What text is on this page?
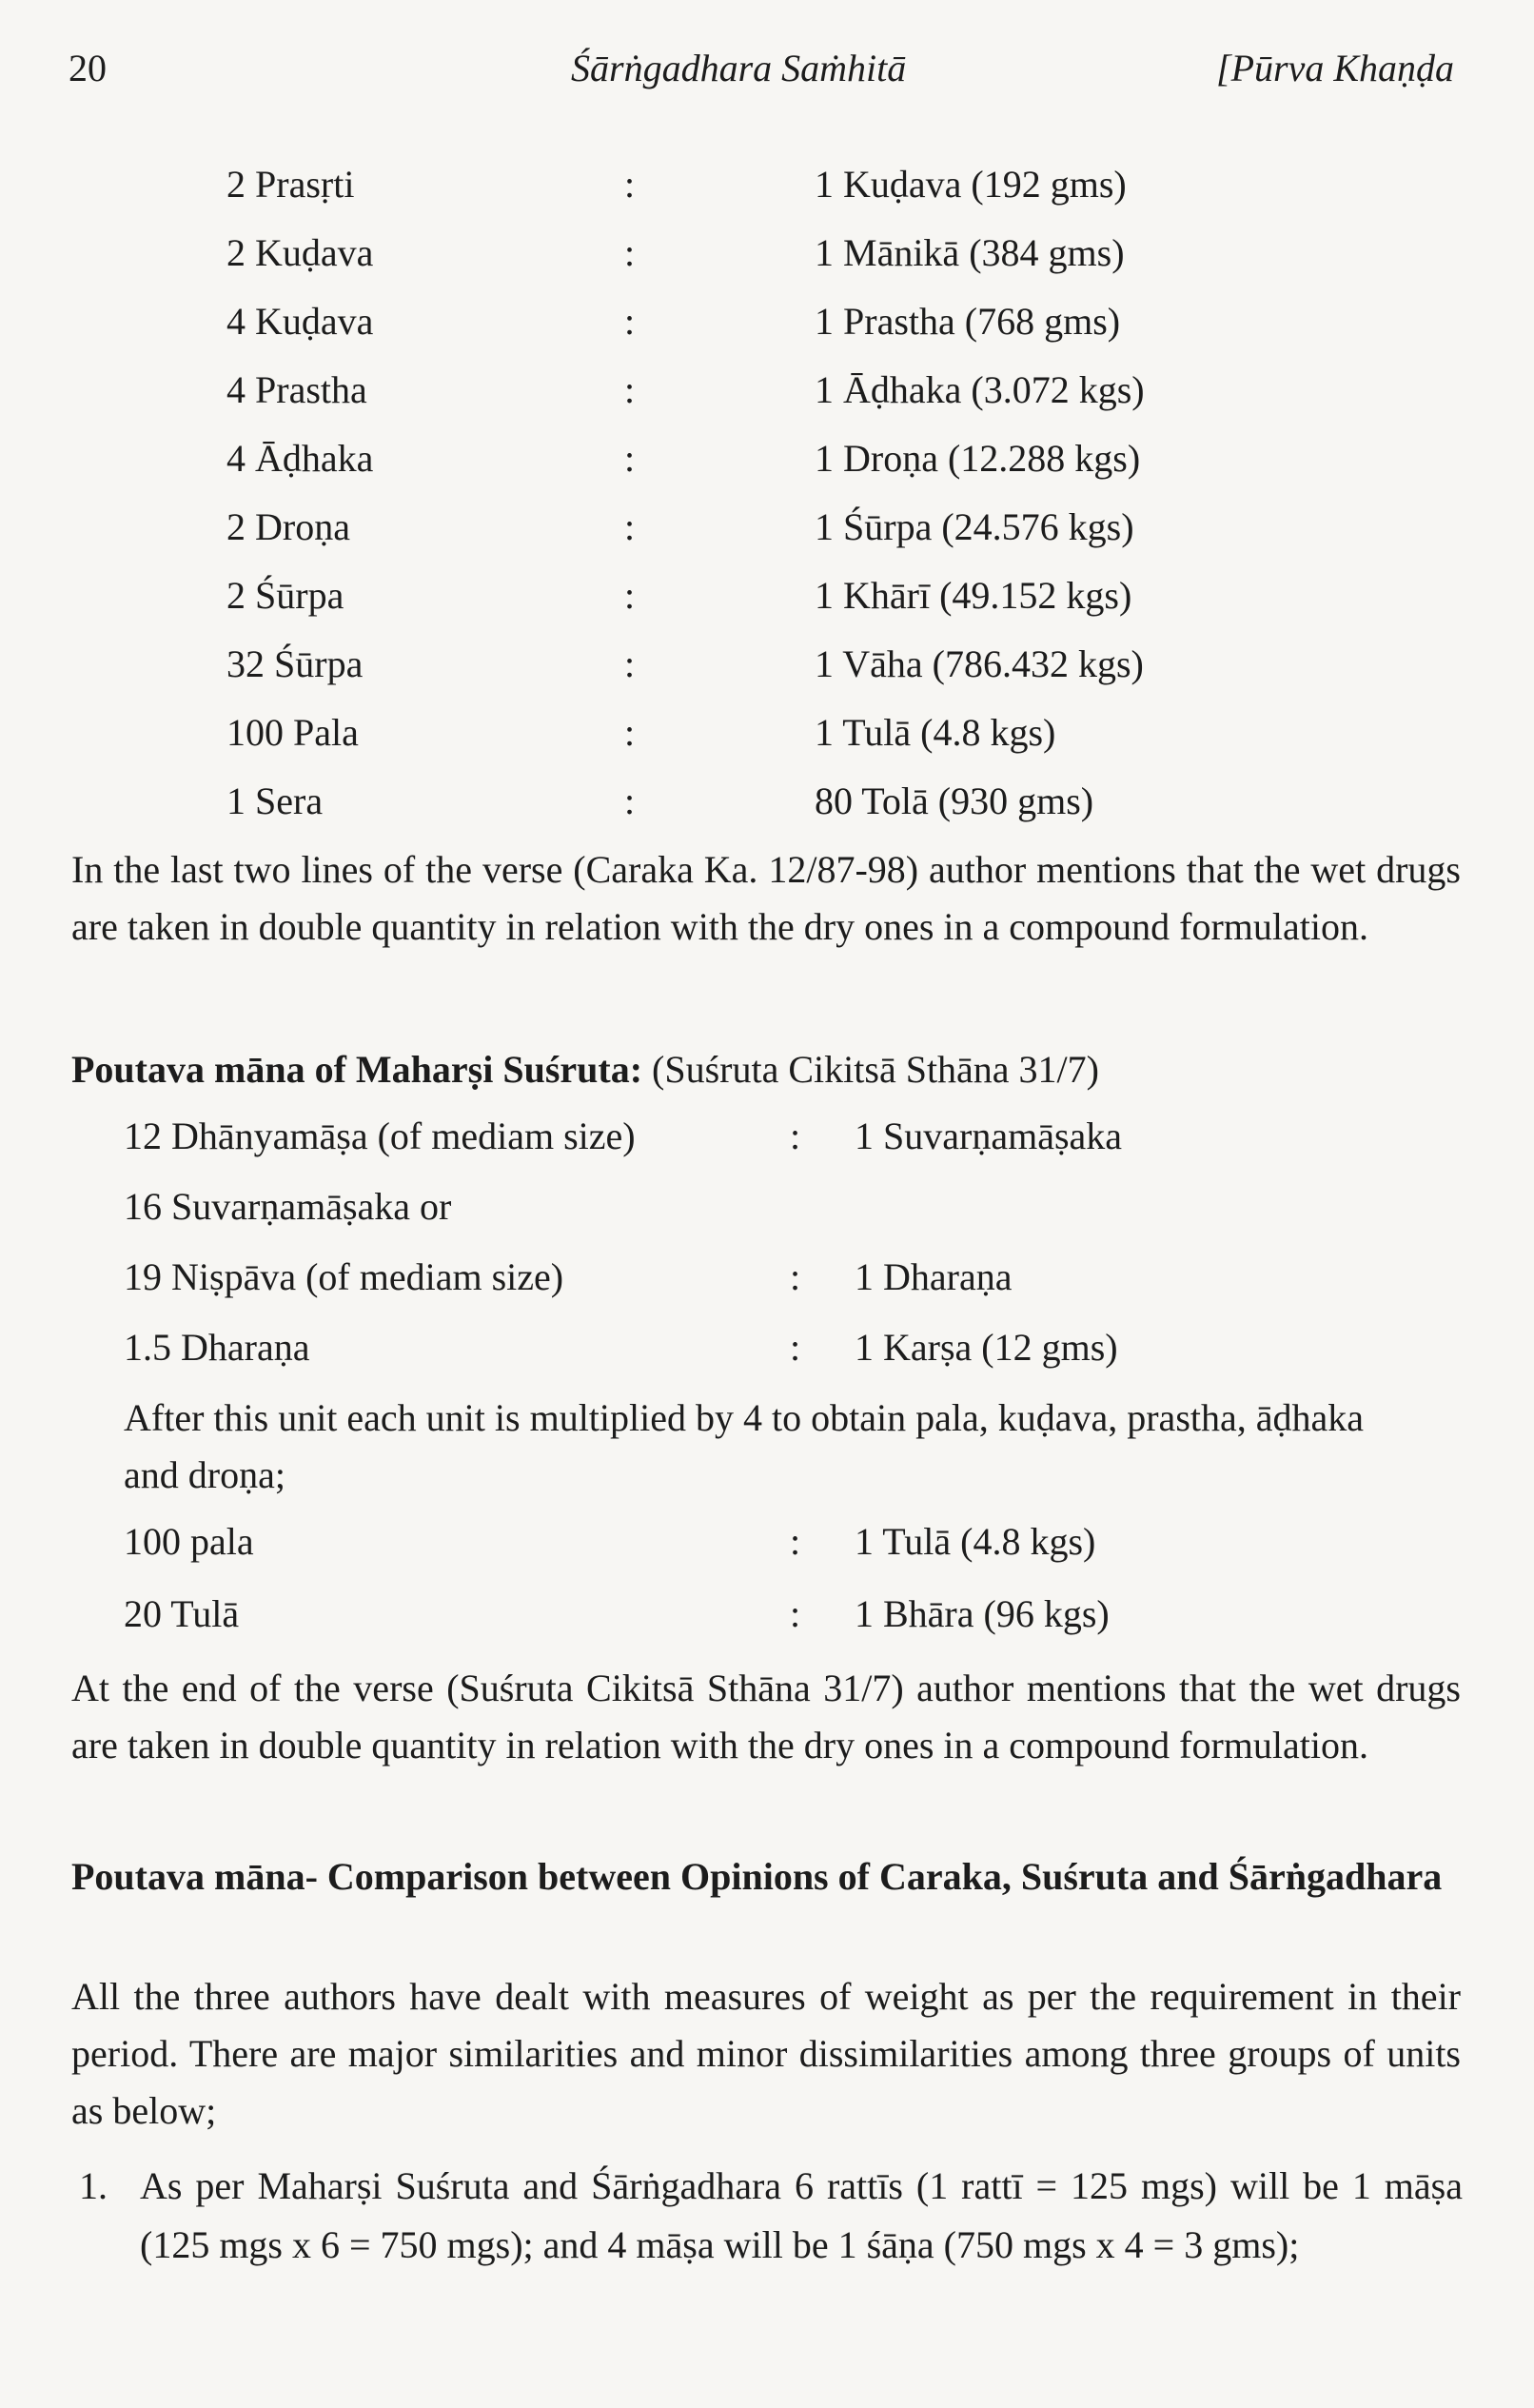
20	Śārṅgadhara Saṁhitā	[Pūrva Khaṇḍa
2 Prasṛti	:	1 Kuḍava (192 gms)
2 Kuḍava	:	1 Mānikā (384 gms)
4 Kuḍava	:	1 Prastha (768 gms)
4 Prastha	:	1 Āḍhaka (3.072 kgs)
4 Āḍhaka	:	1 Droṇa (12.288 kgs)
2 Droṇa	:	1 Śūrpa (24.576 kgs)
2 Śūrpa	:	1 Khārī (49.152 kgs)
32 Śūrpa	:	1 Vāha (786.432 kgs)
100 Pala	:	1 Tulā (4.8 kgs)
1 Sera	:	80 Tolā (930 gms)
In the last two lines of the verse (Caraka Ka. 12/87-98) author mentions that the wet drugs are taken in double quantity in relation with the dry ones in a compound formulation.
Poutava māna of Maharṣi Suśruta: (Suśruta Cikitsā Sthāna 31/7)
12 Dhānyamāṣa (of mediam size)	: 1 Suvarṇamāṣaka
16 Suvarṇamāṣaka or
19 Niṣpāva (of mediam size)	: 1 Dharaṇa
1.5 Dharaṇa	: 1 Karṣa (12 gms)
After this unit each unit is multiplied by 4 to obtain pala, kuḍava, prastha, āḍhaka and droṇa;
100 pala	: 1 Tulā (4.8 kgs)
20 Tulā	: 1 Bhāra (96 kgs)
At the end of the verse (Suśruta Cikitsā Sthāna 31/7) author mentions that the wet drugs are taken in double quantity in relation with the dry ones in a compound formulation.
Poutava māna- Comparison between Opinions of Caraka, Suśruta and Śārṅgadhara
All the three authors have dealt with measures of weight as per the requirement in their period. There are major similarities and minor dissimilarities among three groups of units as below;
1. As per Maharṣi Suśruta and Śārṅgadhara 6 rattīs (1 rattī = 125 mgs) will be 1 māṣa (125 mgs x 6 = 750 mgs); and 4 māṣa will be 1 śāṇa (750 mgs x 4 = 3 gms);
